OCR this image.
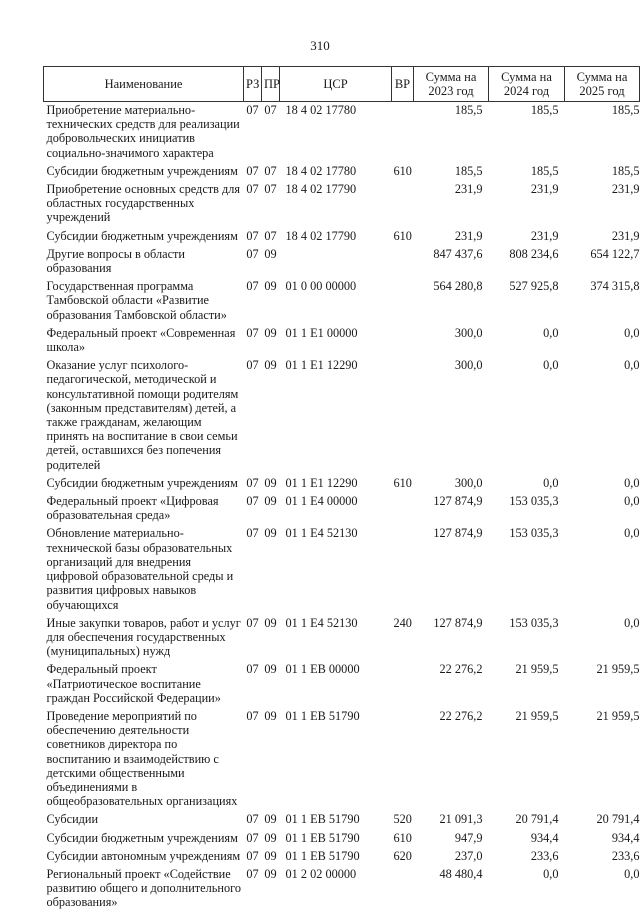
310
Наименование	РЗ	ПР	ЦСР	ВР	Сумма на 2023 год	Сумма на 2024 год	Сумма на 2025 год	
Приобретение материально-технических средств для реализации добровольческих инициатив социально-значимого характера	07	07	18 4 02 17780		185,5	185,5	185,5	
Субсидии бюджетным учреждениям	07	07	18 4 02 17780	610	185,5	185,5	185,5	
Приобретение основных средств для областных государственных учреждений	07	07	18 4 02 17790		231,9	231,9	231,9	
Субсидии бюджетным учреждениям	07	07	18 4 02 17790	610	231,9	231,9	231,9	
Другие вопросы в области образования	07	09			847 437,6	808 234,6	654 122,7	
Государственная программа Тамбовской области «Развитие образования Тамбовской области»	07	09	01 0 00 00000		564 280,8	527 925,8	374 315,8	
Федеральный проект «Современная школа»	07	09	01 1 E1 00000		300,0	0,0	0,0	
Оказание услуг психолого-педагогической, методической и консультативной помощи родителям (законным представителям) детей, а также гражданам, желающим принять на воспитание в свои семьи детей, оставшихся без попечения родителей	07	09	01 1 E1 12290		300,0	0,0	0,0	
Субсидии бюджетным учреждениям	07	09	01 1 E1 12290	610	300,0	0,0	0,0	
Федеральный проект «Цифровая образовательная среда»	07	09	01 1 E4 00000		127 874,9	153 035,3	0,0	
Обновление материально-технической базы образовательных организаций для внедрения цифровой образовательной среды и развития цифровых навыков обучающихся	07	09	01 1 E4 52130		127 874,9	153 035,3	0,0	
Иные закупки товаров, работ и услуг для обеспечения государственных (муниципальных) нужд	07	09	01 1 E4 52130	240	127 874,9	153 035,3	0,0	
Федеральный проект «Патриотическое воспитание граждан Российской Федерации»	07	09	01 1 EB 00000		22 276,2	21 959,5	21 959,5	
Проведение мероприятий по обеспечению деятельности советников директора по воспитанию и взаимодействию с детскими общественными объединениями в общеобразовательных организациях	07	09	01 1 EB 51790		22 276,2	21 959,5	21 959,5	
Субсидии	07	09	01 1 EB 51790	520	21 091,3	20 791,4	20 791,4	
Субсидии бюджетным учреждениям	07	09	01 1 EB 51790	610	947,9	934,4	934,4	
Субсидии автономным учреждениям	07	09	01 1 EB 51790	620	237,0	233,6	233,6	
Региональный проект «Содействие развитию общего и дополнительного образования»	07	09	01 2 02 00000		48 480,4	0,0	0,0	
